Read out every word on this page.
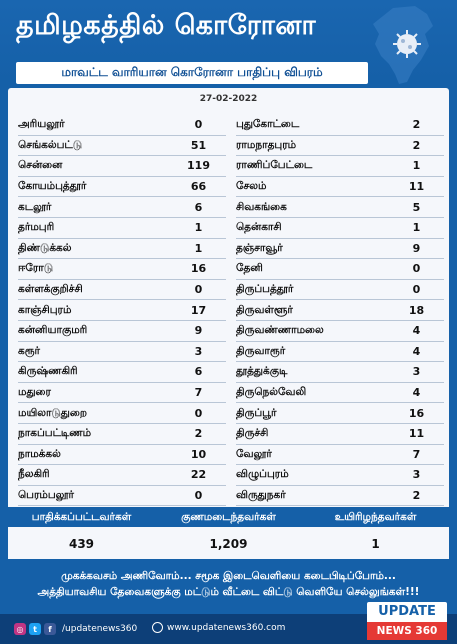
தமிழகத்தில் கொரோனா
மாவட்ட வாரியான கொரோனா பாதிப்பு விபரம்
27-02-2022
அரியலூர்	0
செங்கல்பட்டு	51
சென்னை	119
கோயம்புத்தூர்	66
கடலூர்	6
தர்மபுரி	1
திண்டுக்கல்	1
ஈரோடு	16
கள்ளக்குறிச்சி	0
காஞ்சிபுரம்	17
கன்னியாகுமரி	9
கரூர்	3
கிருஷ்ணகிரி	6
மதுரை	7
மயிலாடுதுறை	0
நாகப்பட்டிணம்	2
நாமக்கல்	10
நீலகிரி	22
பெரம்பலூர்	0
புதுகோட்டை	2
ராமநாதபுரம்	2
ராணிப்பேட்டை	1
சேலம்	11
சிவகங்கை	5
தென்காசி	1
தஞ்சாவூர்	9
தேனி	0
திருப்பத்தூர்	0
திருவள்ளூர்	18
திருவண்ணாமலை	4
திருவாரூர்	4
தூத்துக்குடி	3
திருநெல்வேலி	4
திருப்பூர்	16
திருச்சி	11
வேலூர்	7
விழுப்புரம்	3
விருதுநகர்	2
பாதிக்கப்பட்டவர்கள்	குணமடைந்தவர்கள்	உயிரிழந்தவர்கள்
439	1,209	1
முகக்கவசம் அணிவோம்... சமூக இடைவெளியை கடைபிடிப்போம்...
அத்தியாவசிய தேவைகளுக்கு மட்டும் வீட்டை விட்டு வெளியே செல்லுங்கள்!!!
◎	t	f	/updatenews360	www.updatenews360.com
UPDATE
NEWS 360
